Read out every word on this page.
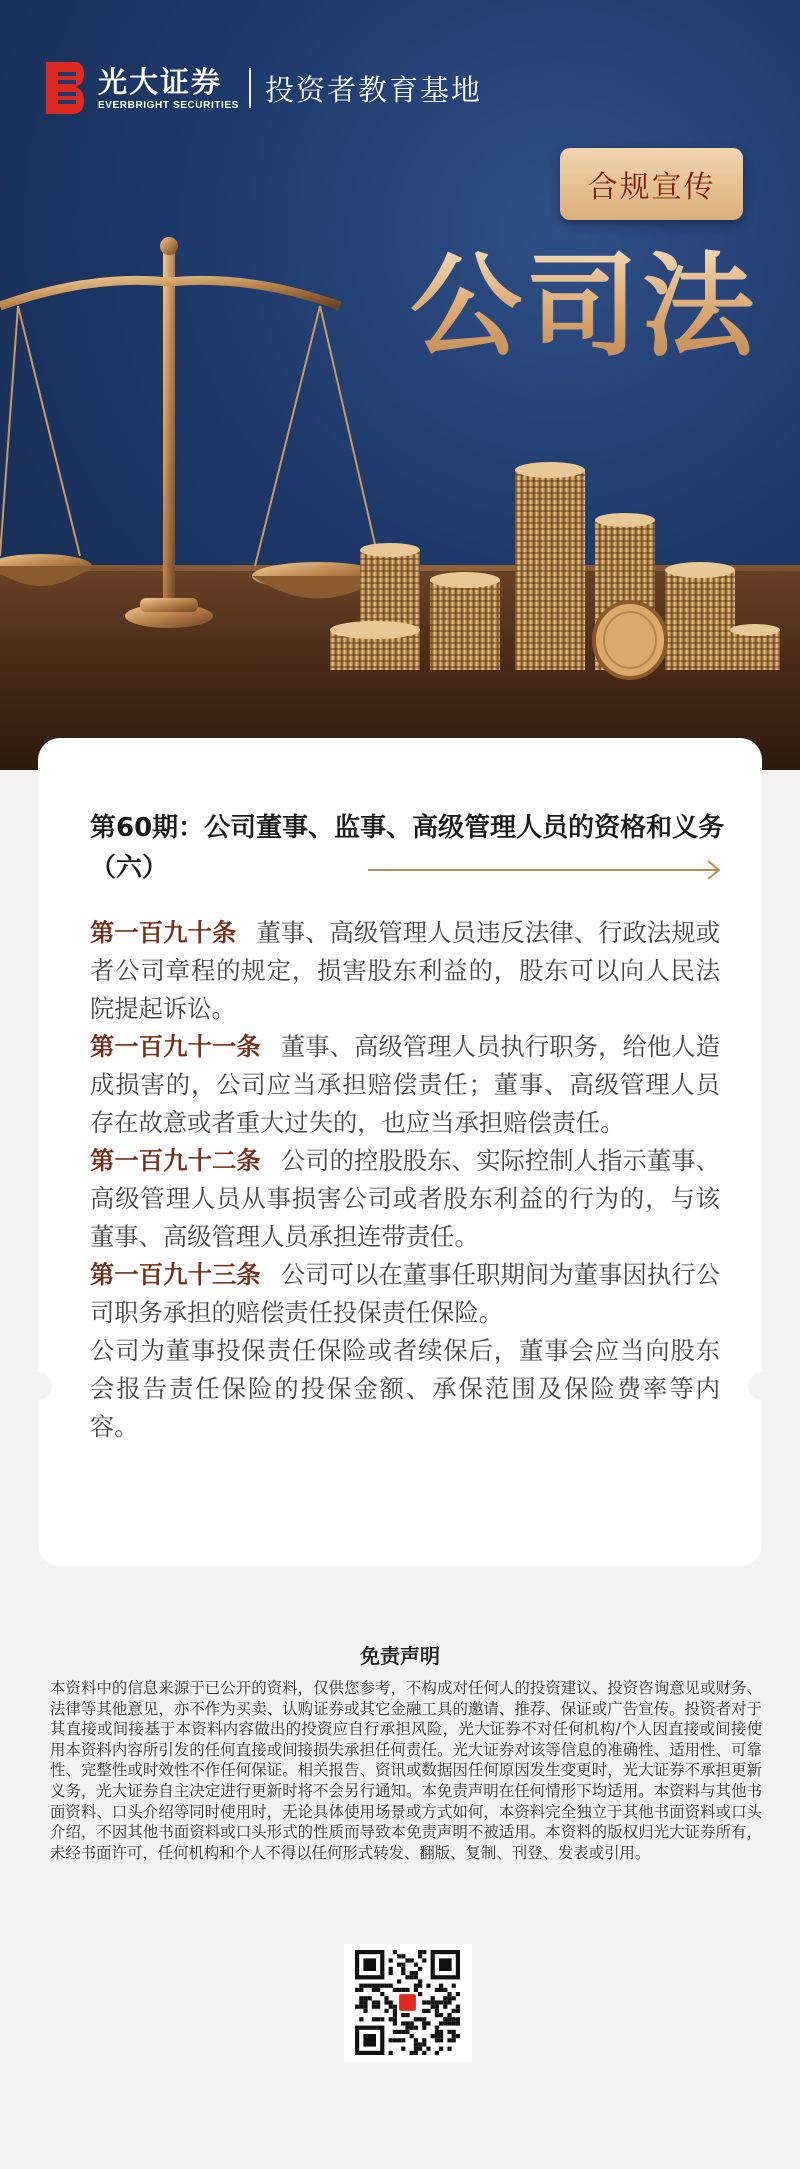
光大证券
EVERBRIGHT SECURITIES 投资者教育基地
合规宣传
公司法
第60期：公司董事、监事、高级管理人员的资格和义务（六）

第一百九十条 董事、高级管理人员违反法律、行政法规或者公司章程的规定，损害股东利益的，股东可以向人民法院提起诉讼。

第一百九十一条 董事、高级管理人员执行职务，给他人造成损害的，公司应当承担赔偿责任；董事、高级管理人员存在故意或者重大过失的，也应当承担赔偿责任。

第一百九十二条 公司的控股股东、实际控制人指示董事、高级管理人员从事损害公司或者股东利益的行为的，与该董事、高级管理人员承担连带责任。

第一百九十三条 公司可以在董事任职期间为董事因执行公司职务承担的赔偿责任投保责任保险。

公司为董事投保责任保险或者续保后，董事会应当向股东会报告责任保险的投保金额、承保范围及保险费率等内容。

免责声明
本资料中的信息来源于已公开的资料，仅供您参考，不构成对任何人的投资建议、投资咨询意见或财务、法律等其他意见，亦不作为买卖、认购证券或其它金融工具的邀请、推荐、保证或广告宣传。投资者对于其直接或间接基于本资料内容做出的投资应自行承担风险，光大证券不对任何机构/个人因直接或间接使用本资料内容所引发的任何直接或间接损失承担任何责任。光大证券对该等信息的准确性、适用性、可靠性、完整性或时效性不作任何保证。相关报告、资讯或数据因任何原因发生变更时，光大证券不承担更新义务，光大证券自主决定进行更新时将不会另行通知。本免责声明在任何情形下均适用。本资料与其他书面资料、口头介绍等同时使用时，无论具体使用场景或方式如何，本资料完全独立于其他书面资料或口头介绍，不因其他书面资料或口头形式的性质而导致本免责声明不被适用。本资料的版权归光大证券所有，未经书面许可，任何机构和个人不得以任何形式转发、翻版、复制、刊登、发表或引用。
